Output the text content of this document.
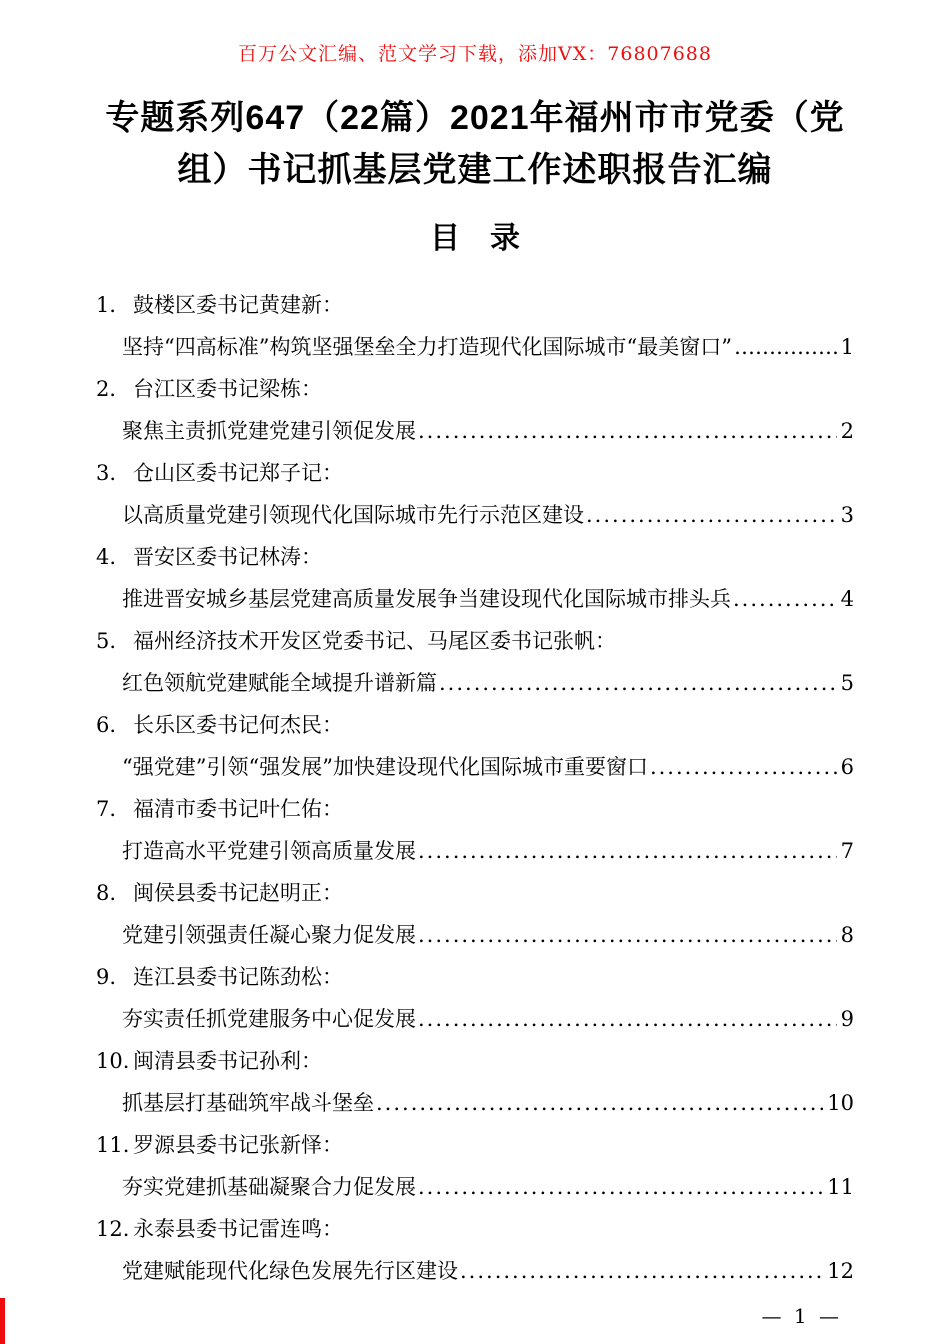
百万公文汇编、范文学习下载，添加VX：76807688
专题系列647（22篇）2021年福州市市党委（党组）书记抓基层党建工作述职报告汇编
目　录
1． 鼓楼区委书记黄建新：
坚持“四高标准”构筑坚强堡垒全力打造现代化国际城市“最美窗口” …………………………………………………………………………	1
2． 台江区委书记梁栋：
聚焦主责抓党建党建引领促发展 .....	2
3. 仓山区委书记郑子记：
以高质量党建引领现代化国际城市先行示范区建设 .....	3
4. 晋安区委书记林涛：
推进晋安城乡基层党建高质量发展争当建设现代化国际城市排头兵 .....	4
5. 福州经济技术开发区党委书记、马尾区委书记张帆：
红色领航党建赋能全域提升谱新篇 .....	5
6. 长乐区委书记何杰民：
“强党建”引领“强发展”加快建设现代化国际城市重要窗口 .....	6
7. 福清市委书记叶仁佑：
打造高水平党建引领高质量发展 .....	7
8. 闽侯县委书记赵明正：
党建引领强责任凝心聚力促发展 .....	8
9. 连江县委书记陈劲松：
夯实责任抓党建服务中心促发展 .....	9
10. 闽清县委书记孙利：
抓基层打基础筑牢战斗堡垒 .....	10
11. 罗源县委书记张新怿：
夯实党建抓基础凝聚合力促发展 .....	11
12. 永泰县委书记雷连鸣：
党建赋能现代化绿色发展先行区建设 .....	12
— 1 —
